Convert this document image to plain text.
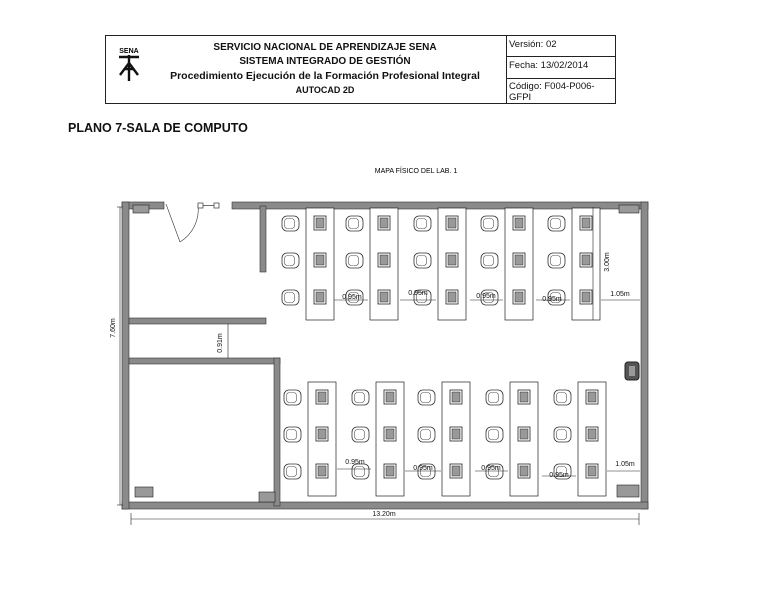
SENA	SERVICIO NACIONAL DE APRENDIZAJE SENA
SISTEMA INTEGRADO DE GESTIÓN
Procedimiento Ejecución de la Formación Profesional Integral
AUTOCAD 2D
Versión: 02
Fecha: 13/02/2014
Código: F004-P006-
GFPI
PLANO 7-SALA DE COMPUTO
MAPA FÍSICO DEL LAB. 1
13.20m
7.60m
0.91m
3.00m
1.05m
1.05m
0.95m
0.95m	0.95m	0.95m
0.95m
0.95m	0.95m
0.95m
